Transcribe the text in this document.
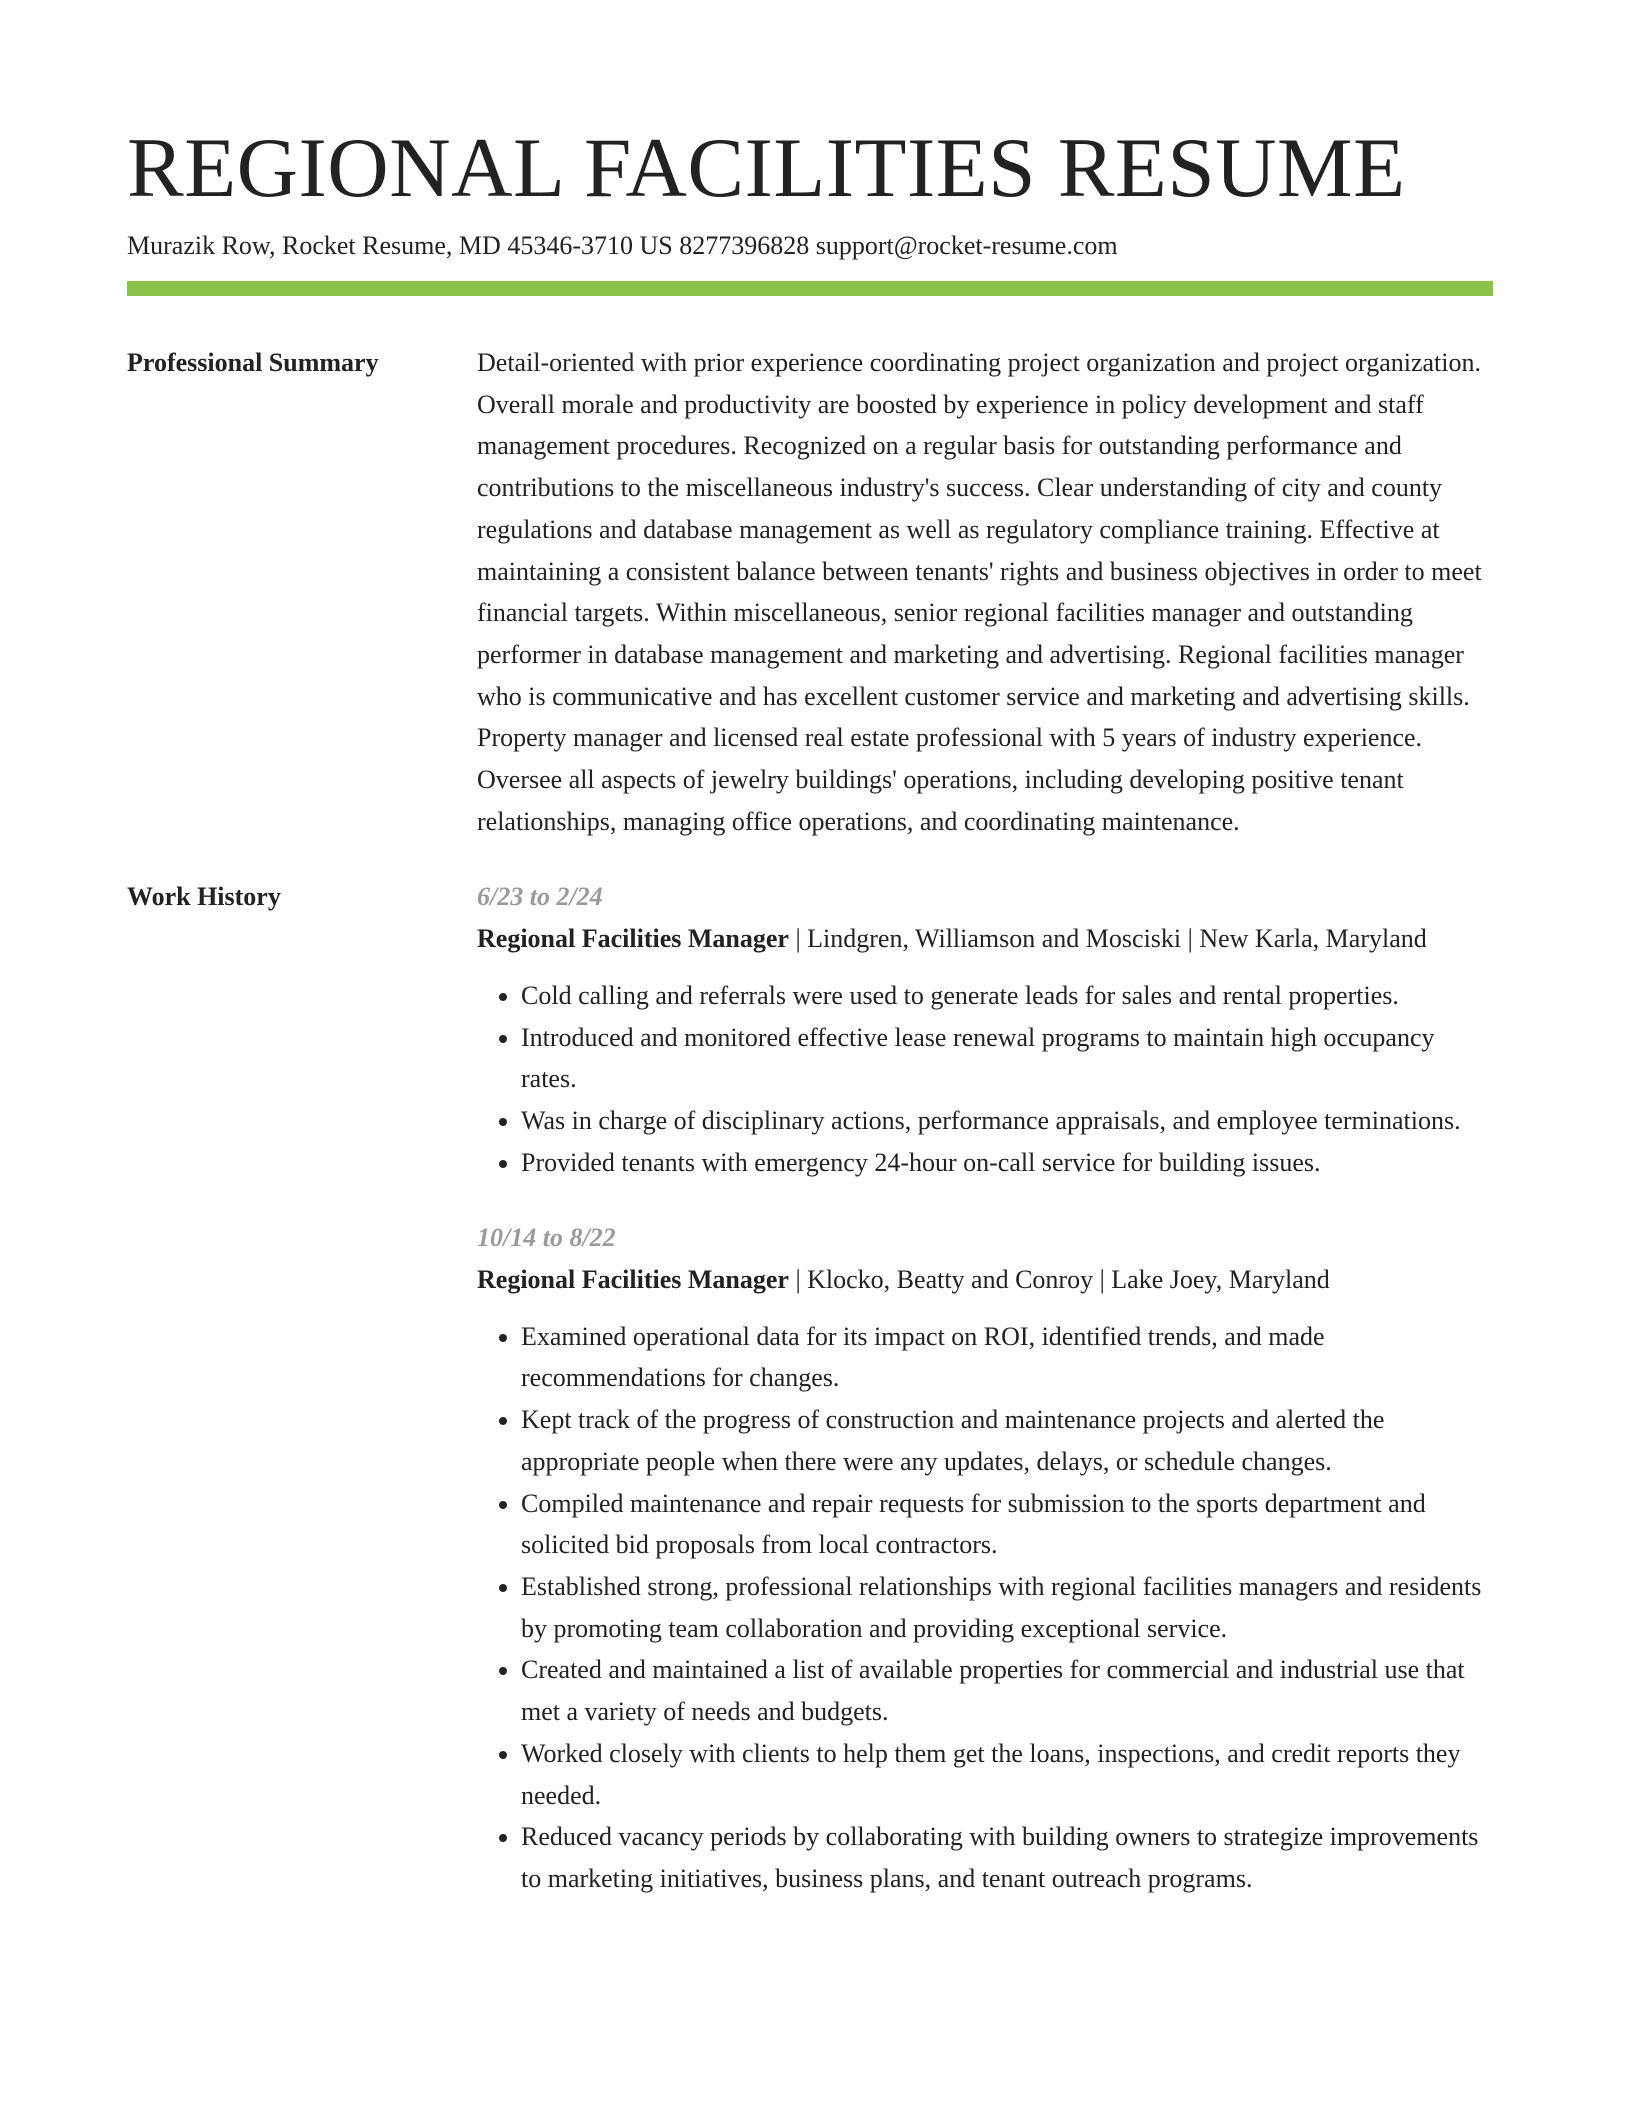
REGIONAL FACILITIES RESUME
Murazik Row, Rocket Resume, MD 45346-3710 US 8277396828 support@rocket-resume.com
Professional Summary	Detail-oriented with prior experience coordinating project organization and project organization. Overall morale and productivity are boosted by experience in policy development and staff management procedures. Recognized on a regular basis for outstanding performance and contributions to the miscellaneous industry's success. Clear understanding of city and county regulations and database management as well as regulatory compliance training. Effective at maintaining a consistent balance between tenants' rights and business objectives in order to meet financial targets. Within miscellaneous, senior regional facilities manager and outstanding performer in database management and marketing and advertising. Regional facilities manager who is communicative and has excellent customer service and marketing and advertising skills. Property manager and licensed real estate professional with 5 years of industry experience. Oversee all aspects of jewelry buildings' operations, including developing positive tenant relationships, managing office operations, and coordinating maintenance.

Work History	6/23 to 2/24
Regional Facilities Manager | Lindgren, Williamson and Mosciski | New Karla, Maryland
• Cold calling and referrals were used to generate leads for sales and rental properties.
• Introduced and monitored effective lease renewal programs to maintain high occupancy rates.
• Was in charge of disciplinary actions, performance appraisals, and employee terminations.
• Provided tenants with emergency 24-hour on-call service for building issues.
10/14 to 8/22
Regional Facilities Manager | Klocko, Beatty and Conroy | Lake Joey, Maryland
• Examined operational data for its impact on ROI, identified trends, and made recommendations for changes.
• Kept track of the progress of construction and maintenance projects and alerted the appropriate people when there were any updates, delays, or schedule changes.
• Compiled maintenance and repair requests for submission to the sports department and solicited bid proposals from local contractors.
• Established strong, professional relationships with regional facilities managers and residents by promoting team collaboration and providing exceptional service.
• Created and maintained a list of available properties for commercial and industrial use that met a variety of needs and budgets.
• Worked closely with clients to help them get the loans, inspections, and credit reports they needed.
• Reduced vacancy periods by collaborating with building owners to strategize improvements to marketing initiatives, business plans, and tenant outreach programs.
